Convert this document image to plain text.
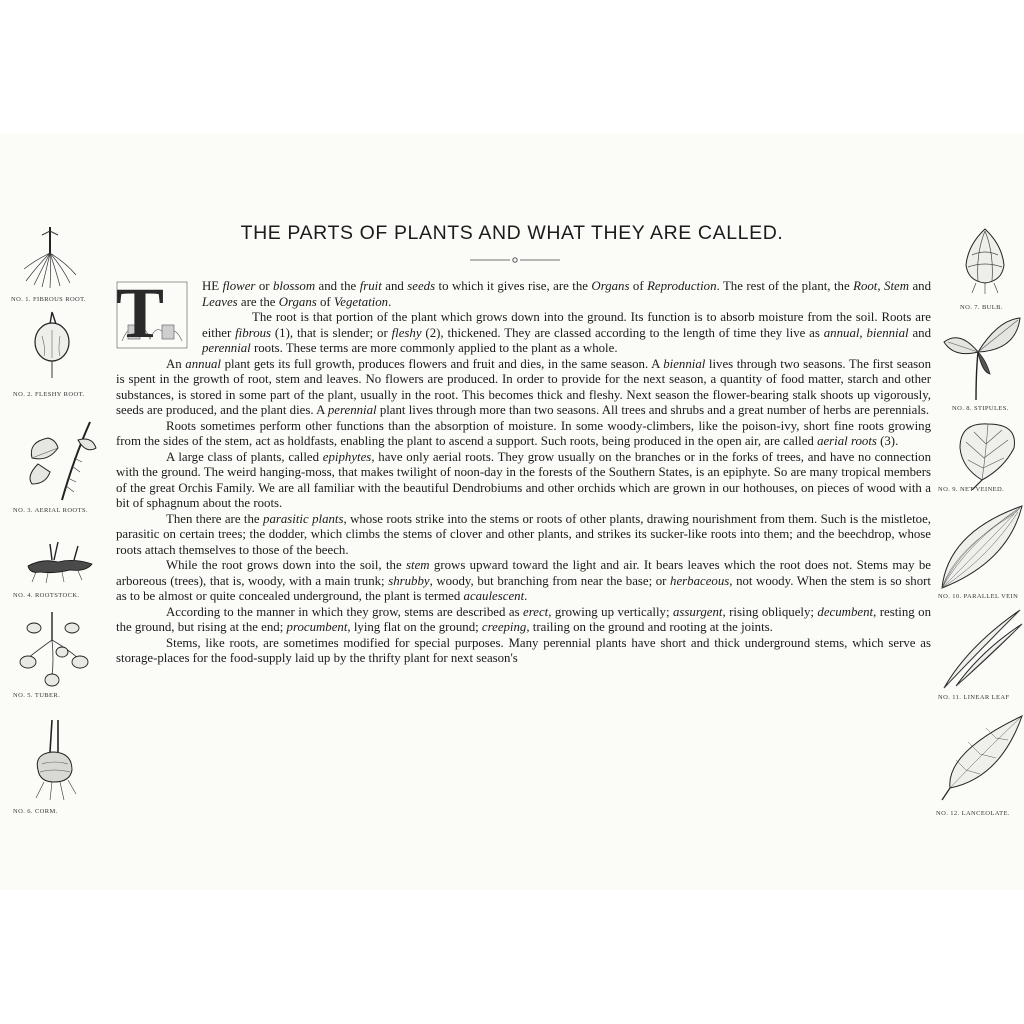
THE PARTS OF PLANTS AND WHAT THEY ARE CALLED.
T	HE flower or blossom and the fruit and seeds to which it gives rise, are the Organs of Reproduction. The rest of the plant, the Root, Stem and Leaves are the Organs of Vegetation.

The root is that portion of the plant which grows down into the ground. Its function is to absorb moisture from the soil. Roots are either fibrous (1), that is slender; or fleshy (2), thickened. They are classed according to the length of time they live as annual, biennial and perennial roots. These terms are more commonly applied to the plant as a whole.

An annual plant gets its full growth, produces flowers and fruit and dies, in the same season. A biennial lives through two seasons. The first season is spent in the growth of root, stem and leaves. No flowers are produced. In order to provide for the next season, a quantity of food matter, starch and other substances, is stored in some part of the plant, usually in the root. This becomes thick and fleshy. Next season the flower-bearing stalk shoots up vigorously, seeds are produced, and the plant dies. A perennial plant lives through more than two seasons. All trees and shrubs and a great number of herbs are perennials.

Roots sometimes perform other functions than the absorption of moisture. In some woody-climbers, like the poison-ivy, short fine roots growing from the sides of the stem, act as holdfasts, enabling the plant to ascend a support. Such roots, being produced in the open air, are called aerial roots (3).

A large class of plants, called epiphytes, have only aerial roots. They grow usually on the branches or in the forks of trees, and have no connection with the ground. The weird hanging-moss, that makes twilight of noon-day in the forests of the Southern States, is an epiphyte. So are many tropical members of the great Orchis Family. We are all familiar with the beautiful Dendrobiums and other orchids which are grown in our hothouses, on pieces of wood with a bit of sphagnum about the roots.

Then there are the parasitic plants, whose roots strike into the stems or roots of other plants, drawing nourishment from them. Such is the mistletoe, parasitic on certain trees; the dodder, which climbs the stems of clover and other plants, and strikes its sucker-like roots into them; and the beechdrop, whose roots attach themselves to those of the beech.

While the root grows down into the soil, the stem grows upward toward the light and air. It bears leaves which the root does not. Stems may be arboreous (trees), that is, woody, with a main trunk; shrubby, woody, but branching from near the base; or herbaceous, not woody. When the stem is so short as to be almost or quite concealed underground, the plant is termed acaulescent.

According to the manner in which they grow, stems are described as erect, growing up vertically; assurgent, rising obliquely; decumbent, resting on the ground, but rising at the end; procumbent, lying flat on the ground; creeping, trailing on the ground and rooting at the joints.

Stems, like roots, are sometimes modified for special purposes. Many perennial plants have short and thick underground stems, which serve as storage-places for the food-supply laid up by the thrifty plant for next season's

NO. 1. FIBROUS ROOT.
NO. 2. FLESHY ROOT.
NO. 3. AERIAL ROOTS.
NO. 4. ROOTSTOCK.
NO. 5. TUBER.
NO. 6. CORM.
NO. 7. BULB.
NO. 8. STIPULES.
NO. 9. NET VEINED.
NO. 10. PARALLEL VEIN
NO. 11. LINEAR LEAF
NO. 12. LANCEOLATE.
